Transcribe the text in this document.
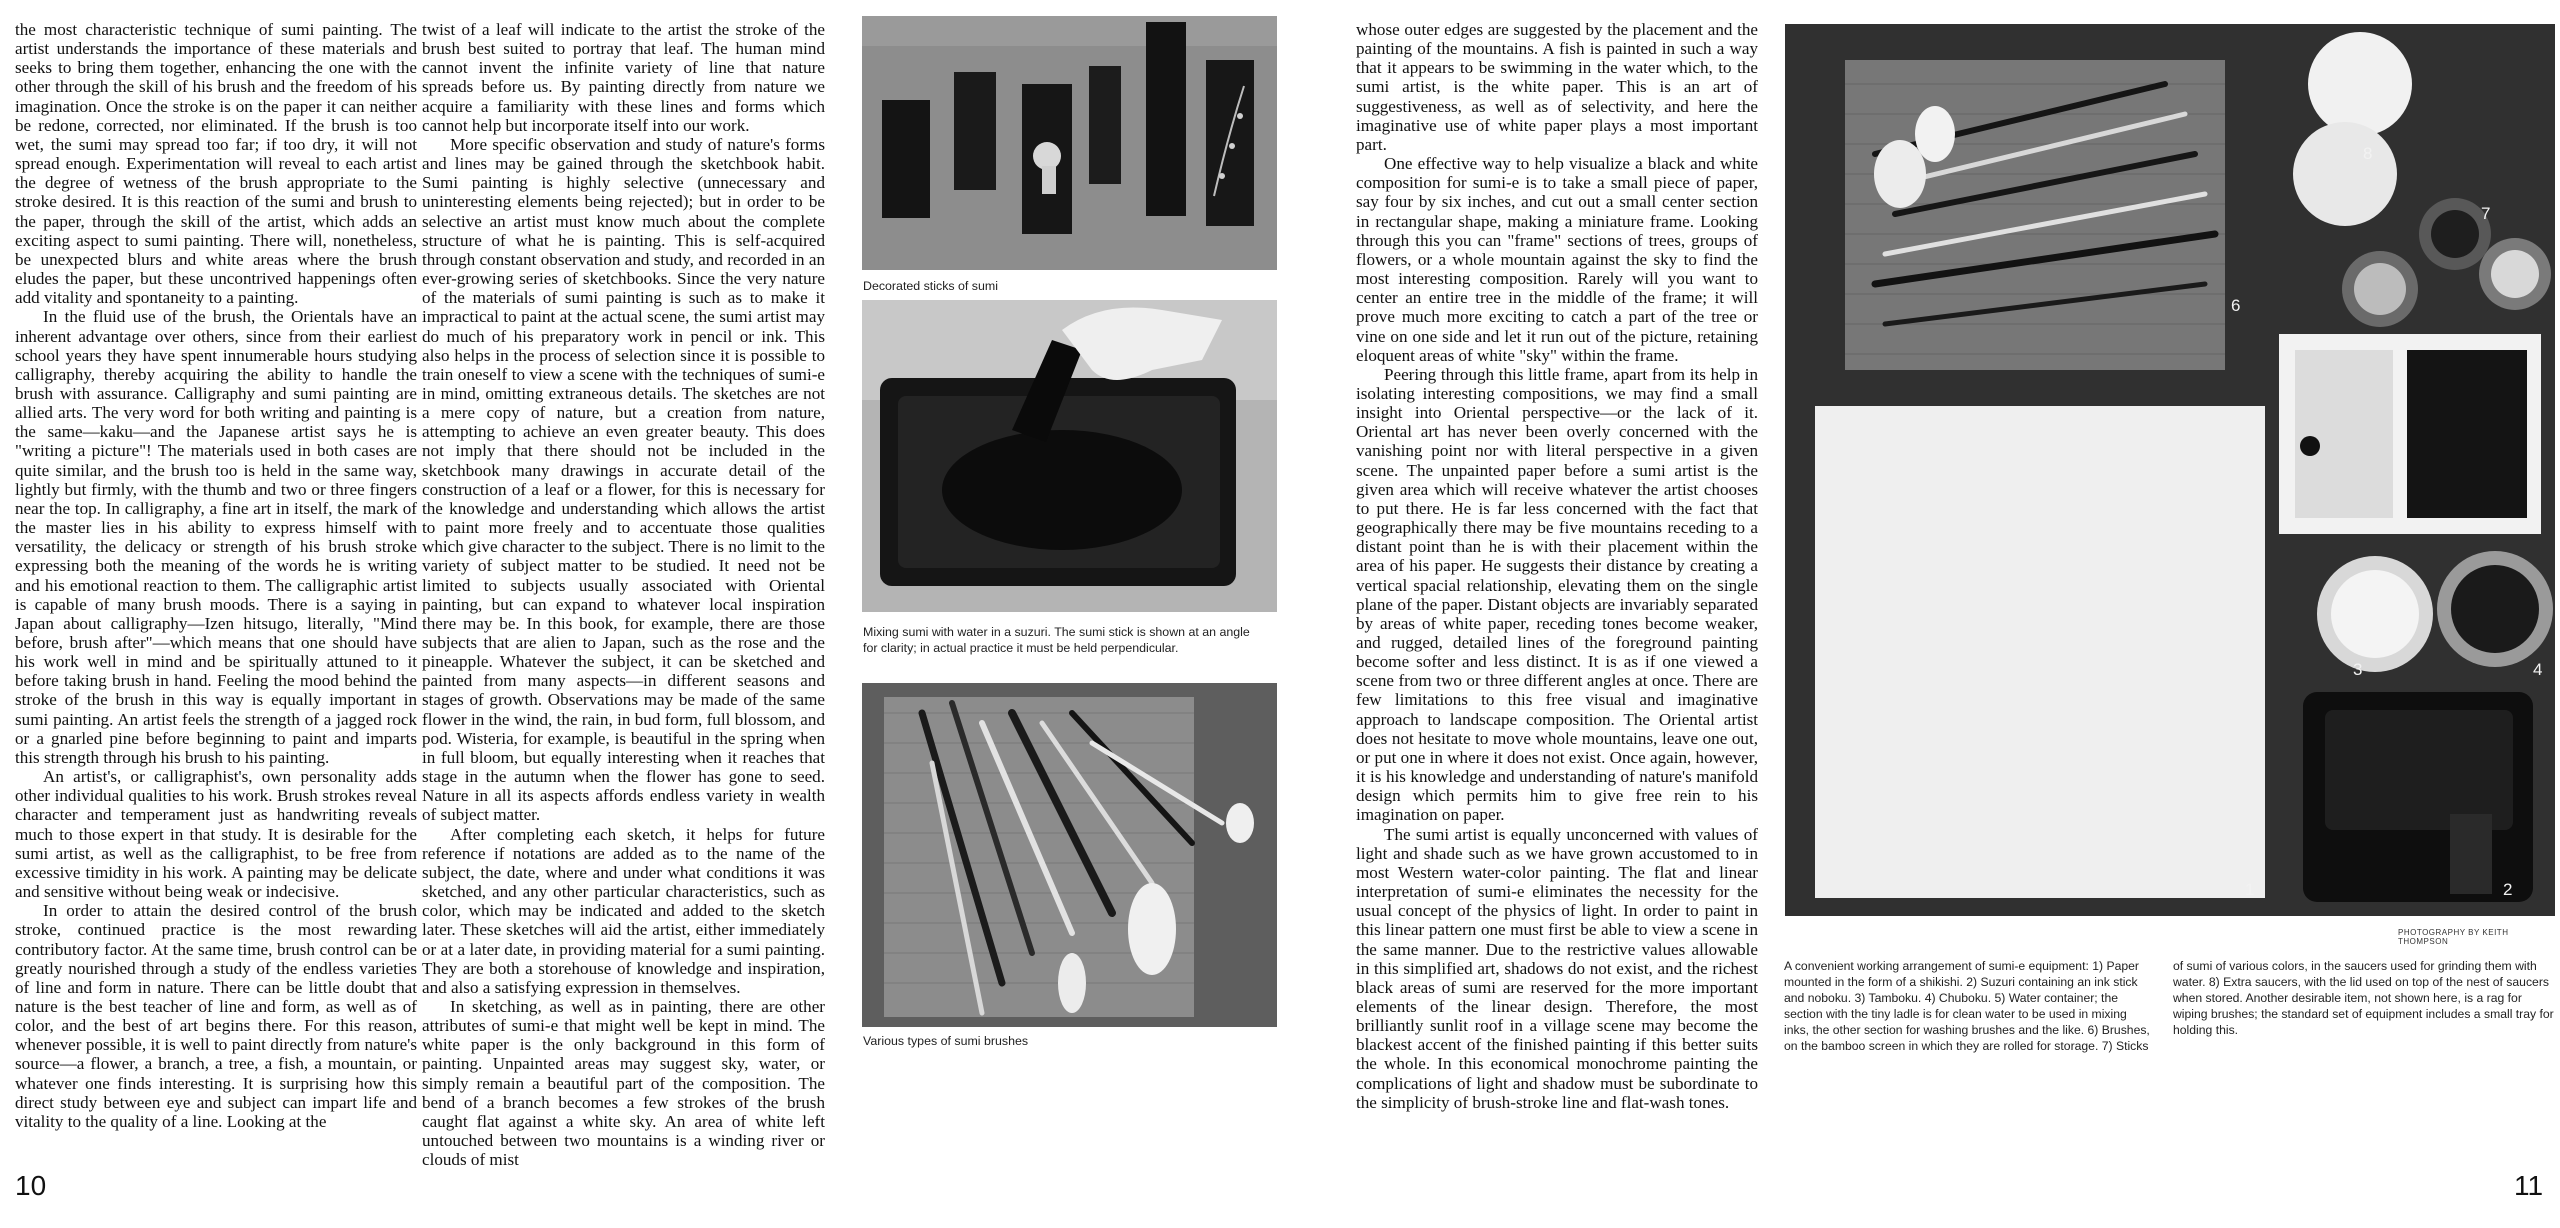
the most characteristic technique of sumi painting. The artist understands the importance of these materials and seeks to bring them together, enhancing the one with the other through the skill of his brush and the freedom of his imagination. Once the stroke is on the paper it can neither be redone, corrected, nor eliminated. If the brush is too wet, the sumi may spread too far; if too dry, it will not spread enough. Experimentation will reveal to each artist the degree of wetness of the brush appropriate to the stroke desired. It is this reaction of the sumi and brush to the paper, through the skill of the artist, which adds an exciting aspect to sumi painting. There will, nonetheless, be unexpected blurs and white areas where the brush eludes the paper, but these uncontrived happenings often add vitality and spontaneity to a painting.

In the fluid use of the brush, the Orientals have an inherent advantage over others, since from their earliest school years they have spent innumerable hours studying calligraphy, thereby acquiring the ability to handle the brush with assurance. Calligraphy and sumi painting are allied arts. The very word for both writing and painting is the same—kaku—and the Japanese artist says he is "writing a picture"! The materials used in both cases are quite similar, and the brush too is held in the same way, lightly but firmly, with the thumb and two or three fingers near the top. In calligraphy, a fine art in itself, the mark of the master lies in his ability to express himself with versatility, the delicacy or strength of his brush stroke expressing both the meaning of the words he is writing and his emotional reaction to them. The calligraphic artist is capable of many brush moods. There is a saying in Japan about calligraphy—Izen hitsugo, literally, "Mind before, brush after"—which means that one should have his work well in mind and be spiritually attuned to it before taking brush in hand. Feeling the mood behind the stroke of the brush in this way is equally important in sumi painting. An artist feels the strength of a jagged rock or a gnarled pine before beginning to paint and imparts this strength through his brush to his painting.

An artist's, or calligraphist's, own personality adds other individual qualities to his work. Brush strokes reveal character and temperament just as handwriting reveals much to those expert in that study. It is desirable for the sumi artist, as well as the calligraphist, to be free from excessive timidity in his work. A painting may be delicate and sensitive without being weak or indecisive.

In order to attain the desired control of the brush stroke, continued practice is the most rewarding contributory factor. At the same time, brush control can be greatly nourished through a study of the endless varieties of line and form in nature. There can be little doubt that nature is the best teacher of line and form, as well as of color, and the best of art begins there. For this reason, whenever possible, it is well to paint directly from nature's source—a flower, a branch, a tree, a fish, a mountain, or whatever one finds interesting. It is surprising how this direct study between eye and subject can impart life and vitality to the quality of a line. Looking at the

twist of a leaf will indicate to the artist the stroke of the brush best suited to portray that leaf. The human mind cannot invent the infinite variety of line that nature spreads before us. By painting directly from nature we acquire a familiarity with these lines and forms which cannot help but incorporate itself into our work.

More specific observation and study of nature's forms and lines may be gained through the sketchbook habit. Sumi painting is highly selective (unnecessary and uninteresting elements being rejected); but in order to be selective an artist must know much about the complete structure of what he is painting. This is self-acquired through constant observation and study, and recorded in an ever-growing series of sketchbooks. Since the very nature of the materials of sumi painting is such as to make it impractical to paint at the actual scene, the sumi artist may do much of his preparatory work in pencil or ink. This also helps in the process of selection since it is possible to train oneself to view a scene with the techniques of sumi-e in mind, omitting extraneous details. The sketches are not a mere copy of nature, but a creation from nature, attempting to achieve an even greater beauty. This does not imply that there should not be included in the sketchbook many drawings in accurate detail of the construction of a leaf or a flower, for this is necessary for the knowledge and understanding which allows the artist to paint more freely and to accentuate those qualities which give character to the subject. There is no limit to the variety of subject matter to be studied. It need not be limited to subjects usually associated with Oriental painting, but can expand to whatever local inspiration there may be. In this book, for example, there are those subjects that are alien to Japan, such as the rose and the pineapple. Whatever the subject, it can be sketched and painted from many aspects—in different seasons and stages of growth. Observations may be made of the same flower in the wind, the rain, in bud form, full blossom, and pod. Wisteria, for example, is beautiful in the spring when in full bloom, but equally interesting when it reaches that stage in the autumn when the flower has gone to seed. Nature in all its aspects affords endless variety in wealth of subject matter.

After completing each sketch, it helps for future reference if notations are added as to the name of the subject, the date, where and under what conditions it was sketched, and any other particular characteristics, such as color, which may be indicated and added to the sketch later. These sketches will aid the artist, either immediately or at a later date, in providing material for a sumi painting. They are both a storehouse of knowledge and inspiration, and also a satisfying expression in themselves.

In sketching, as well as in painting, there are other attributes of sumi-e that might well be kept in mind. The white paper is the only background in this form of painting. Unpainted areas may suggest sky, water, or simply remain a beautiful part of the composition. The bend of a branch becomes a few strokes of the brush caught flat against a white sky. An area of white left untouched between two mountains is a winding river or clouds of mist

Decorated sticks of sumi
Mixing sumi with water in a suzuri. The sumi stick is shown at an angle for clarity; in actual practice it must be held perpendicular.
Various types of sumi brushes
10

whose outer edges are suggested by the placement and the painting of the mountains. A fish is painted in such a way that it appears to be swimming in the water which, to the sumi artist, is the white paper. This is an art of suggestiveness, as well as of selectivity, and here the imaginative use of white paper plays a most important part.

One effective way to help visualize a black and white composition for sumi-e is to take a small piece of paper, say four by six inches, and cut out a small center section in rectangular shape, making a miniature frame. Looking through this you can "frame" sections of trees, groups of flowers, or a whole mountain against the sky to find the most interesting composition. Rarely will you want to center an entire tree in the middle of the frame; it will prove much more exciting to catch a part of the tree or vine on one side and let it run out of the picture, retaining eloquent areas of white "sky" within the frame.

Peering through this little frame, apart from its help in isolating interesting compositions, we may find a small insight into Oriental perspective—or the lack of it. Oriental art has never been overly concerned with the vanishing point nor with literal perspective in a given scene. The unpainted paper before a sumi artist is the given area which will receive whatever the artist chooses to put there. He is far less concerned with the fact that geographically there may be five mountains receding to a distant point than he is with their placement within the area of his paper. He suggests their distance by creating a vertical spacial relationship, elevating them on the single plane of the paper. Distant objects are invariably separated by areas of white paper, receding tones become weaker, and rugged, detailed lines of the foreground painting become softer and less distinct. It is as if one viewed a scene from two or three different angles at once. There are few limitations to this free visual and imaginative approach to landscape composition. The Oriental artist does not hesitate to move whole mountains, leave one out, or put one in where it does not exist. Once again, however, it is his knowledge and understanding of nature's manifold design which permits him to give free rein to his imagination on paper.

The sumi artist is equally unconcerned with values of light and shade such as we have grown accustomed to in most Western water-color painting. The flat and linear interpretation of sumi-e eliminates the necessity for the usual concept of the physics of light. In order to paint in this linear pattern one must first be able to view a scene in the same manner. Due to the restrictive values allowable in this simplified art, shadows do not exist, and the richest black areas of sumi are reserved for the more important elements of the linear design. Therefore, the most brilliantly sunlit roof in a village scene may become the blackest accent of the finished painting if this better suits the whole. In this economical monochrome painting the complications of light and shadow must be subordinate to the simplicity of brush-stroke line and flat-wash tones.

1	2
3	4
5
6
7
8
PHOTOGRAPHY BY KEITH THOMPSON
A convenient working arrangement of sumi-e equipment: 1) Paper mounted in the form of a shikishi. 2) Suzuri containing an ink stick and noboku. 3) Tamboku. 4) Chuboku. 5) Water container; the section with the tiny ladle is for clean water to be used in mixing inks, the other section for washing brushes and the like. 6) Brushes, on the bamboo screen in which they are rolled for storage. 7) Sticks
of sumi of various colors, in the saucers used for grinding them with water. 8) Extra saucers, with the lid used on top of the nest of saucers when stored. Another desirable item, not shown here, is a rag for wiping brushes; the standard set of equipment includes a small tray for holding this.
11
